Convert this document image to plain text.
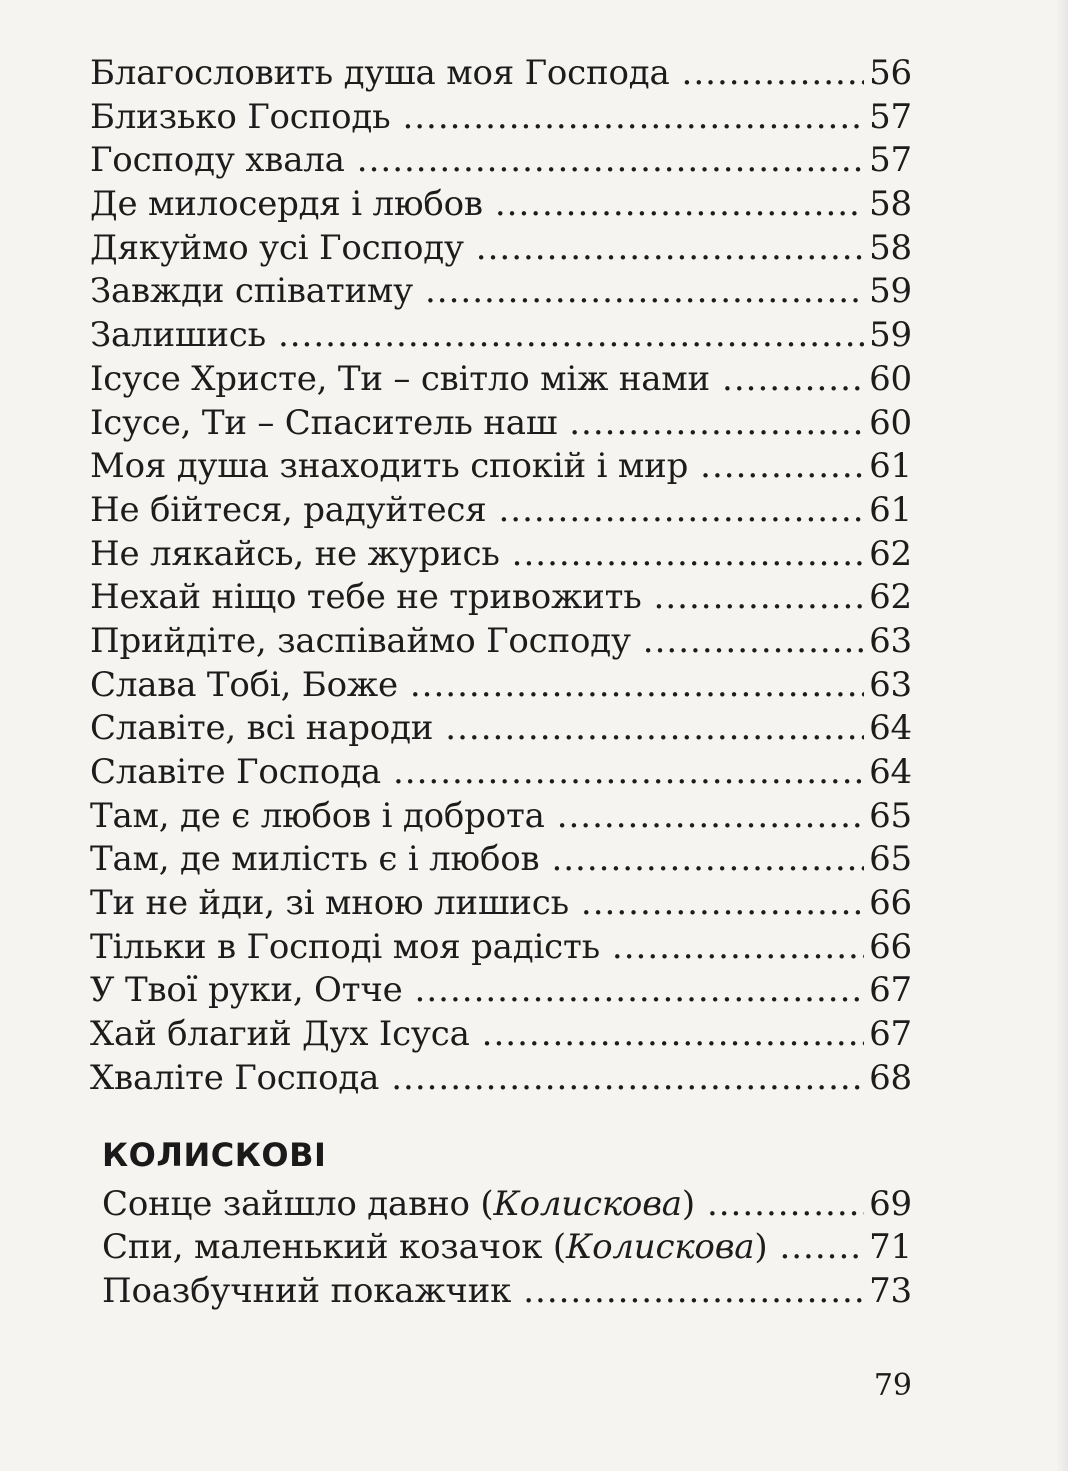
Благословить душа моя Господа .....	56
Близько Господь .....	57
Господу хвала .....	57
Де милосердя і любов .....	58
Дякуймо усі Господу .....	58
Завжди співатиму .....	59
Залишись .....	59
Ісусе Христе, Ти – світло між нами .....	60
Ісусе, Ти – Спаситель наш .....	60
Моя душа знаходить спокій і мир .....	61
Не бійтеся, радуйтеся .....	61
Не лякайсь, не журись .....	62
Нехай ніщо тебе не тривожить .....	62
Прийдіте, заспіваймо Господу .....	63
Слава Тобі, Боже .....	63
Славіте, всі народи .....	64
Славіте Господа .....	64
Там, де є любов і доброта .....	65
Там, де милість є і любов .....	65
Ти не йди, зі мною лишись .....	66
Тільки в Господі моя радість .....	66
У Твої руки, Отче .....	67
Хай благий Дух Ісуса .....	67
Хваліте Господа .....	68
КОЛИСКОВІ
Сонце зайшло давно (Колискова) .....	69
Спи, маленький козачок (Колискова) .....	71
Поазбучний покажчик .....	73
79
